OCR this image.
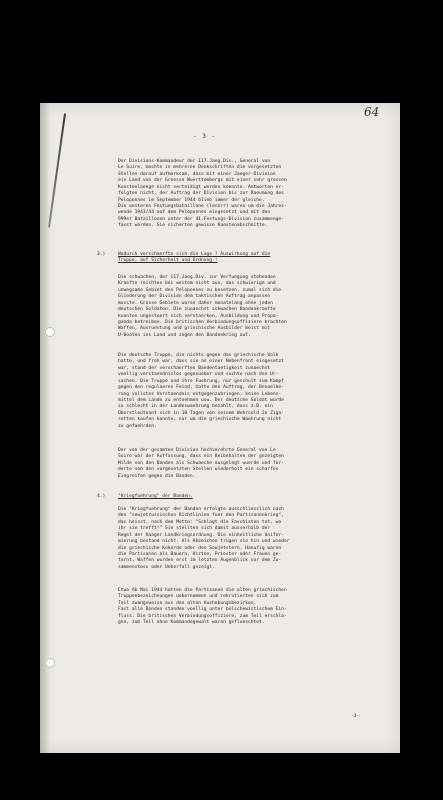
64
- 3 -
Der Divisions-Kommandeur der 117.Jaeg.Div., General von
Le Suire, machte in mehreren Denkschriften die vorgesetzten
Stellen darauf aufmerksam, dass mit einer Jaeger-Division
ein Land von der Groesse Wuerttembergs mit einer sehr grossen
Kuestenlaenge nicht verteidigt werden koennte. Antworten er-
folgten nicht, der Auftrag der Division bis zur Raeumung des
Peloponnes im September 1944 blieb immer der gleiche.
Die weiteren Festungsbataillone (locorr) waren um die Jahres-
wende 1943/44 auf dem Peloponnes eingesetzt und mit den
999er Bataillonen unter der 41.Festungs-Division zusammenge-
fasst worden. Sie sicherten gewisse Kuestenabschnitte.
3.)	Wodurch verschaerfte sich die Lage ? Auswirkung auf die
Truppe, auf Sicherheit und Ordnung !
Die schwachen, der 117.Jaeg.Div. zur Verfuegung stehenden
Kraefte reichten bei weitem nicht aus, das schwierige und
unwegsame Gebiet des Peloponnes zu besetzen, zumal sich die
Gliederung der Division dem taktischen Auftrag anpassen
musste. Grosse Gebiete waren daher monatelang ohne jeden
deutschen Soldaten. Die zunaechst schwachen Bandenkraefte
konnten ungestoert sich verstaerken, Ausbildung und Propa-
ganda betreiben. Die britischen Verbindungsoffiziere brachten
Waffen, Ausruestung und griechische Ausbilder meist mit
U-Booten ins Land und zogen den Bandenkrieg auf.
Die deutsche Truppe, die nichts gegen das griechische Volk
hatte, und froh war, dass sie an einer Nebenfront eingesetzt
war, stand der verschaerften Bandentaetigkeit zunaechst
voellig verstaendnislos gegenueber und suchte nach den Ur-
sachen. Die Truppe und ihre Fuehrung, nur geschult zum Kampf
gegen den regulaeren Feind, hatte den Auftrag, der Bevoelke-
rung vollstes Verstaendnis entgegenzubringen, keine Lebens-
mittel dem Lande zu entnehmen usw. Der deutsche Soldat wurde
so schlecht in der Landeswaehrung bezahlt, dass z.B. ein
Oberstleutnant sich in 10 Tagen von seinem Wehrsold 2o Ziga-
retten kaufen konnte, nur um die griechische Waehrung nicht
zu gefaehrden.
Der von der gesamten Division hochverehrte General von Le
Suire war der Auffassung, dass ein Beibehalten der gezeigten
Milde von den Banden als Schwaeche ausgelegt wuerde und for-
derte von den vorgesetzten Stellen wiederholt ein scharfes
Eingreifen gegen die Banden.
4.)	"Kriegfuehrung" der Banden.
Die "Kriegfuehrung" der Banden erfolgte ausschliesslich nach
den "sowjetrussischen Richtlinien fuer den Partisanenkrieg",
das heisst, nach dem Motto: "Schlagt die Faschisten tot, wo
ihr sie trefft!" Sie stellten sich damit ausserhalb der
Regel der Haager Landkriegsordnung. Die einheitliche Unifor-
mierung bestand nicht. Als Abzeichen trugen sie hin und wieder
die griechische Kokarde oder den Sowjetstern. Haeufig waren
die Partisanen als Bauern, Hirten, Priester oder Frauen ge-
tarnt, Waffen wurden erst im letzten Augenblick vor dem Zu-
sammenstoss oder Ueberfall gezeigt.
Etwa Ab Mai 1944 hatten die Partisanen die alten griechischen
Truppenbezeichnungen uebernommen und rekrutierten sich zum
Teil zwangsweise aus den alten Aushebungsbezirken.
Fast alle Banden standen voellig unter bolschewistischem Ein-
fluss. Die britischen Verbindungsoffiziere, zum Teil erschla-
gen, zum Teil ohne Kommandogewalt waren geflueschtet.
-3-
